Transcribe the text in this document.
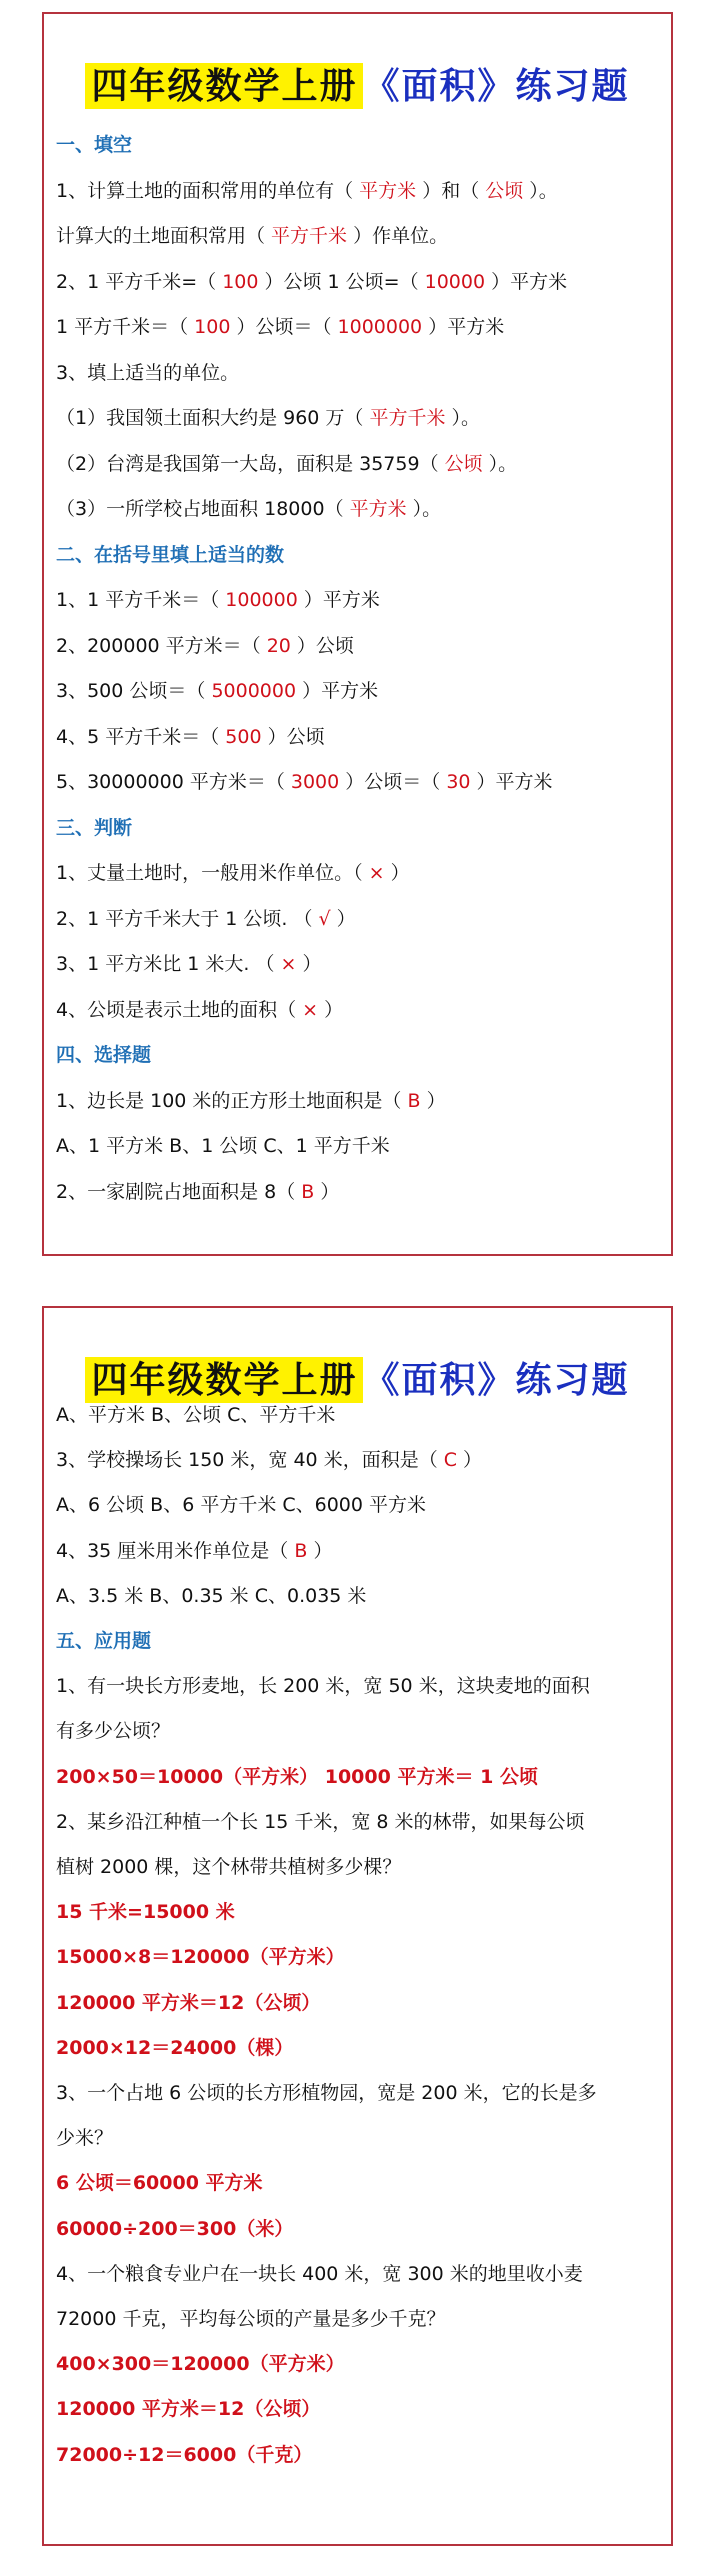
四年级数学上册 《面积》练习题
一、填空
1、计算土地的面积常用的单位有（ 平方米 ）和（ 公顷 ）。
计算大的土地面积常用（ 平方千米 ）作单位。
2、1 平方千米=（ 100 ）公顷 1 公顷=（ 10000 ）平方米
1 平方千米＝（ 100 ）公顷＝（ 1000000 ）平方米
3、填上适当的单位。
（1）我国领土面积大约是 960 万（ 平方千米 ）。
（2）台湾是我国第一大岛，面积是 35759（ 公顷 ）。
（3）一所学校占地面积 18000（ 平方米 ）。
二、在括号里填上适当的数
1、1 平方千米＝（ 100000 ）平方米
2、200000 平方米＝（ 20 ）公顷
3、500 公顷＝（ 5000000 ）平方米
4、5 平方千米＝（ 500 ）公顷
5、30000000 平方米＝（ 3000 ）公顷＝（ 30 ）平方米
三、判断
1、丈量土地时，一般用米作单位。（ × ）
2、1 平方千米大于 1 公顷. （ √ ）
3、1 平方米比 1 米大. （ × ）
4、公顷是表示土地的面积（ × ）
四、选择题
1、边长是 100 米的正方形土地面积是（ B ）
A、1 平方米 B、1 公顷 C、1 平方千米
2、一家剧院占地面积是 8（ B ）
四年级数学上册 《面积》练习题
A、平方米 B、公顷 C、平方千米
3、学校操场长 150 米，宽 40 米，面积是（ C ）
A、6 公顷 B、6 平方千米 C、6000 平方米
4、35 厘米用米作单位是（ B ）
A、3.5 米 B、0.35 米 C、0.035 米
五、应用题
1、有一块长方形麦地，长 200 米，宽 50 米，这块麦地的面积
有多少公顷？
200×50＝10000（平方米） 10000 平方米＝ 1 公顷
2、某乡沿江种植一个长 15 千米，宽 8 米的林带，如果每公顷
植树 2000 棵，这个林带共植树多少棵？
15 千米=15000 米
15000×8＝120000（平方米）
120000 平方米＝12（公顷）
2000×12＝24000（棵）
3、一个占地 6 公顷的长方形植物园，宽是 200 米，它的长是多
少米？
6 公顷＝60000 平方米
60000÷200＝300（米）
4、一个粮食专业户在一块长 400 米，宽 300 米的地里收小麦
72000 千克，平均每公顷的产量是多少千克？
400×300＝120000（平方米）
120000 平方米＝12（公顷）
72000÷12＝6000（千克）
